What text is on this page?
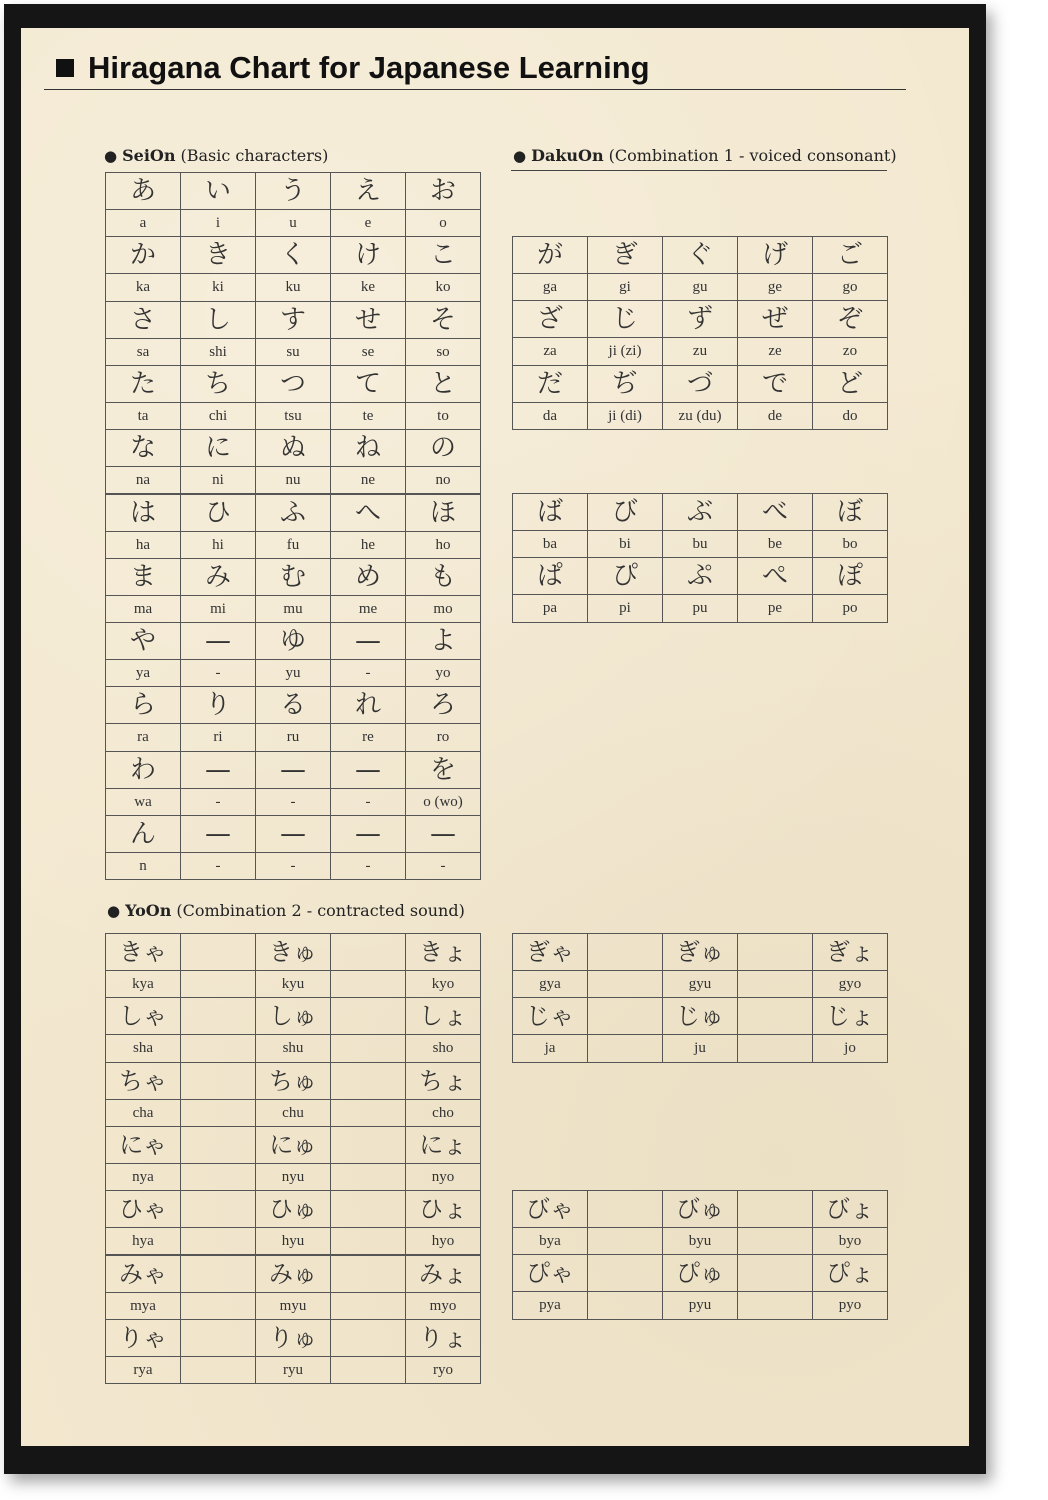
Hiragana Chart for Japanese Learning
● SeiOn (Basic characters)	● DakuOn (Combination 1 - voiced consonant)
● YoOn (Combination 2 - contracted sound)
あ
a
い
i
う
u
え
e
お
o
か
ka
き
ki
く
ku
け
ke
こ
ko
さ
sa
し
shi
す
su
せ
se
そ
so
た
ta
ち
chi
つ
tsu
て
te
と
to
な
na
に
ni
ぬ
nu
ね
ne
の
no
は
ha
ひ
hi
ふ
fu
へ
he
ほ
ho
ま
ma
み
mi
む
mu
め
me
も
mo
や
ya
—
-
ゆ
yu
—
-
よ
yo
ら
ra
り
ri
る
ru
れ
re
ろ
ro
わ
wa
—
-
—
-
—
-
を
o (wo)
ん
n
—
-
—
-
—
-
—
-
が
ga
ぎ
gi
ぐ
gu
げ
ge
ご
go
ざ
za
じ
ji (zi)
ず
zu
ぜ
ze
ぞ
zo
だ
da
ぢ
ji (di)
づ
zu (du)
で
de
ど
do
ば
ba
び
bi
ぶ
bu
べ
be
ぼ
bo
ぱ
pa
ぴ
pi
ぷ
pu
ぺ
pe
ぽ
po
きゃ
kya
きゅ
kyu
きょ
kyo
しゃ
sha
しゅ
shu
しょ
sho
ちゃ
cha
ちゅ
chu
ちょ
cho
にゃ
nya
にゅ
nyu
にょ
nyo
ひゃ
hya
ひゅ
hyu
ひょ
hyo
みゃ
mya
みゅ
myu
みょ
myo
りゃ
rya
りゅ
ryu
りょ
ryo
ぎゃ
gya
ぎゅ
gyu
ぎょ
gyo
じゃ
ja
じゅ
ju
じょ
jo
びゃ
bya
びゅ
byu
びょ
byo
ぴゃ
pya
ぴゅ
pyu
ぴょ
pyo
